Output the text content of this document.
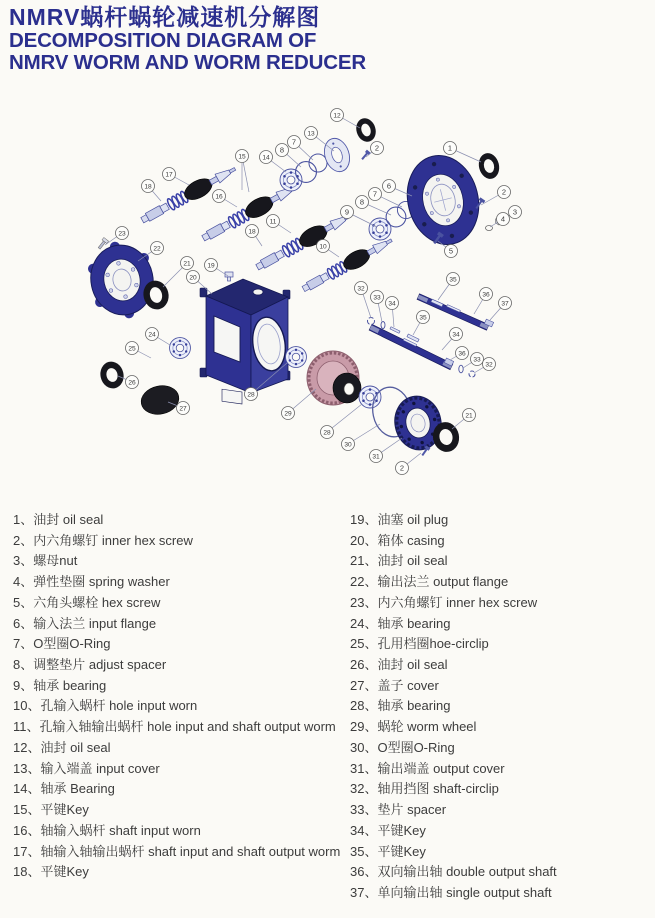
NMRV蜗杆蜗轮减速机分解图
DECOMPOSITION DIAGRAM OF
NMRV WORM AND WORM REDUCER
12
13
7
8
14
15
17
18
16
11
18
10
9
8
7
6
1
2
2
3
4
5
23
22
21	19
20
24
25
26
27
28
29
28
30
31
2
21
32
33
34
35
36
37
35
34
36
33
32
1、油封 oil seal
2、内六角螺钉 inner hex screw
3、螺母nut
4、弹性垫圈 spring washer
5、六角头螺栓 hex screw
6、输入法兰 input flange
7、O型圈O-Ring
8、调整垫片 adjust spacer
9、轴承 bearing
10、孔输入蜗杆 hole input worn
11、孔输入轴输出蜗杆 hole input and shaft output worm
12、油封 oil seal
13、输入端盖 input cover
14、轴承 Bearing
15、平键Key
16、轴输入蜗杆 shaft input worn
17、轴输入轴输出蜗杆 shaft input and shaft output worm
18、平键Key
19、油塞 oil plug
20、箱体 casing
21、油封 oil seal
22、输出法兰 output flange
23、内六角螺钉 inner hex screw
24、轴承 bearing
25、孔用档圈hoe-circlip
26、油封 oil seal
27、盖子 cover
28、轴承 bearing
29、蜗轮 worm wheel
30、O型圈O-Ring
31、输出端盖 output cover
32、轴用挡图 shaft-circlip
33、垫片 spacer
34、平键Key
35、平键Key
36、双向输出轴 double output shaft
37、单向输出轴 single output shaft
